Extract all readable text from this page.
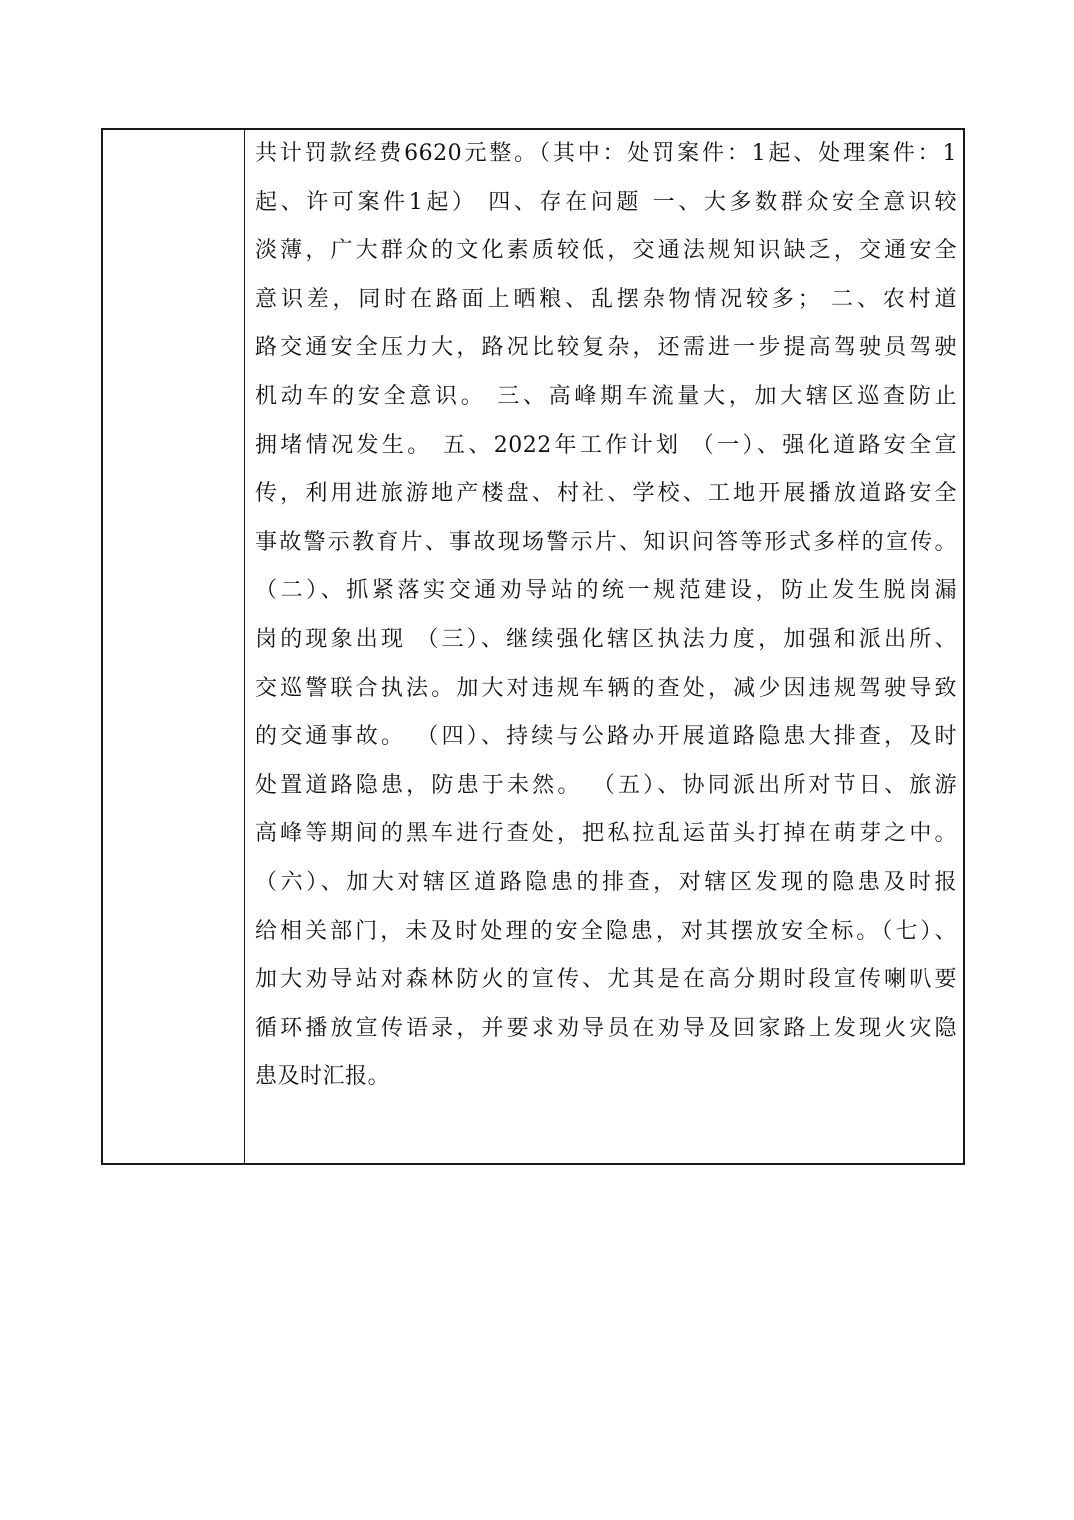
共计罚款经费6620元整。（其中：处罚案件：1起、处理案件：1
起、许可案件1起） 四、存在问题 一、大多数群众安全意识较
淡薄，广大群众的文化素质较低，交通法规知识缺乏，交通安全
意识差，同时在路面上晒粮、乱摆杂物情况较多； 二、农村道
路交通安全压力大，路况比较复杂，还需进一步提高驾驶员驾驶
机动车的安全意识。 三、高峰期车流量大，加大辖区巡查防止
拥堵情况发生。 五、2022年工作计划 （一）、强化道路安全宣
传，利用进旅游地产楼盘、村社、学校、工地开展播放道路安全
事故警示教育片、事故现场警示片、知识问答等形式多样的宣传。
（二）、抓紧落实交通劝导站的统一规范建设，防止发生脱岗漏
岗的现象出现 （三）、继续强化辖区执法力度，加强和派出所、
交巡警联合执法。加大对违规车辆的查处，减少因违规驾驶导致
的交通事故。 （四）、持续与公路办开展道路隐患大排查，及时
处置道路隐患，防患于未然。 （五）、协同派出所对节日、旅游
高峰等期间的黑车进行查处，把私拉乱运苗头打掉在萌芽之中。
（六）、加大对辖区道路隐患的排查，对辖区发现的隐患及时报
给相关部门，未及时处理的安全隐患，对其摆放安全标。（七）、
加大劝导站对森林防火的宣传、尤其是在高分期时段宣传喇叭要
循环播放宣传语录，并要求劝导员在劝导及回家路上发现火灾隐
患及时汇报。
